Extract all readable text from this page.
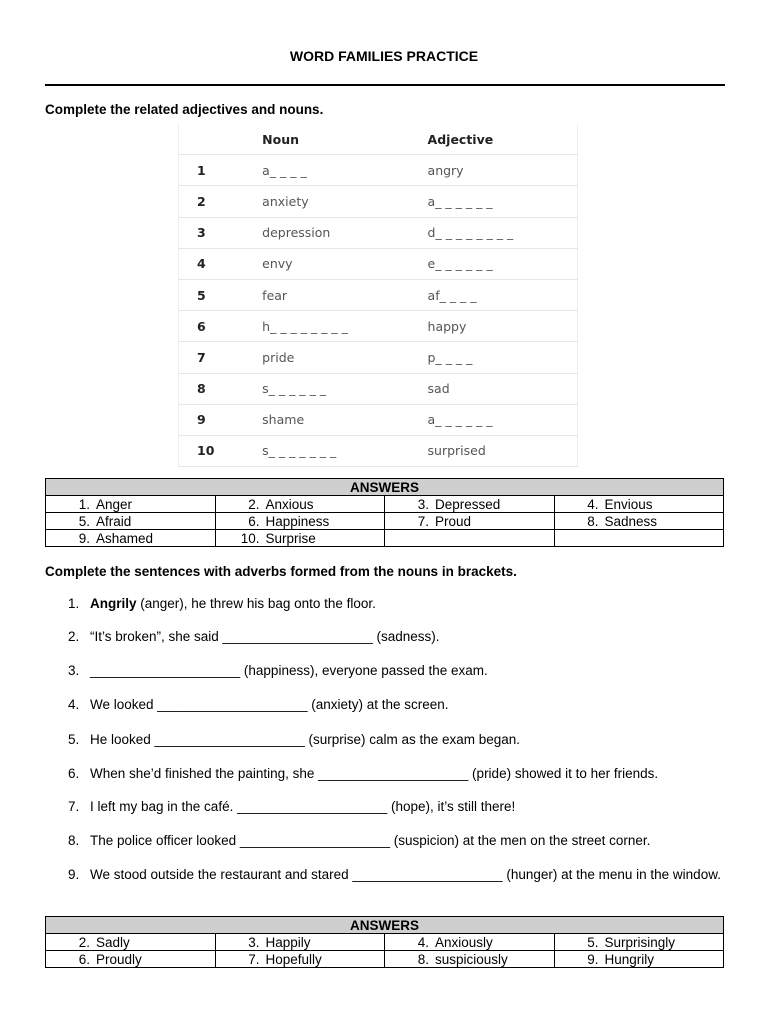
WORD FAMILIES PRACTICE
Complete the related adjectives and nouns.
	Noun	Adjective
1	a_ _ _ _	angry
2	anxiety	a_ _ _ _ _ _
3	depression	d_ _ _ _ _ _ _ _
4	envy	e_ _ _ _ _ _
5	fear	af_ _ _ _
6	h_ _ _ _ _ _ _ _	happy
7	pride	p_ _ _ _
8	s_ _ _ _ _ _	sad
9	shame	a_ _ _ _ _ _
10	s_ _ _ _ _ _ _	surprised
ANSWERS			
1. Anger	2. Anxious	3. Depressed	4. Envious
5. Afraid	6. Happiness	7. Proud	8. Sadness
9. Ashamed	10. Surprise		
Complete the sentences with adverbs formed from the nouns in brackets.
1. Angrily (anger), he threw his bag onto the floor.
2. “It’s broken”, she said ____________________ (sadness).
3. ____________________ (happiness), everyone passed the exam.
4. We looked ____________________ (anxiety) at the screen.
5. He looked ____________________ (surprise) calm as the exam began.
6. When she’d finished the painting, she ____________________ (pride) showed it to her friends.
7. I left my bag in the café. ____________________ (hope), it’s still there!
8. The police officer looked ____________________ (suspicion) at the men on the street corner.
9. We stood outside the restaurant and stared ____________________ (hunger) at the menu in the window.
ANSWERS			
2. Sadly	3. Happily	4. Anxiously	5. Surprisingly
6. Proudly	7. Hopefully	8. suspiciously	9. Hungrily
